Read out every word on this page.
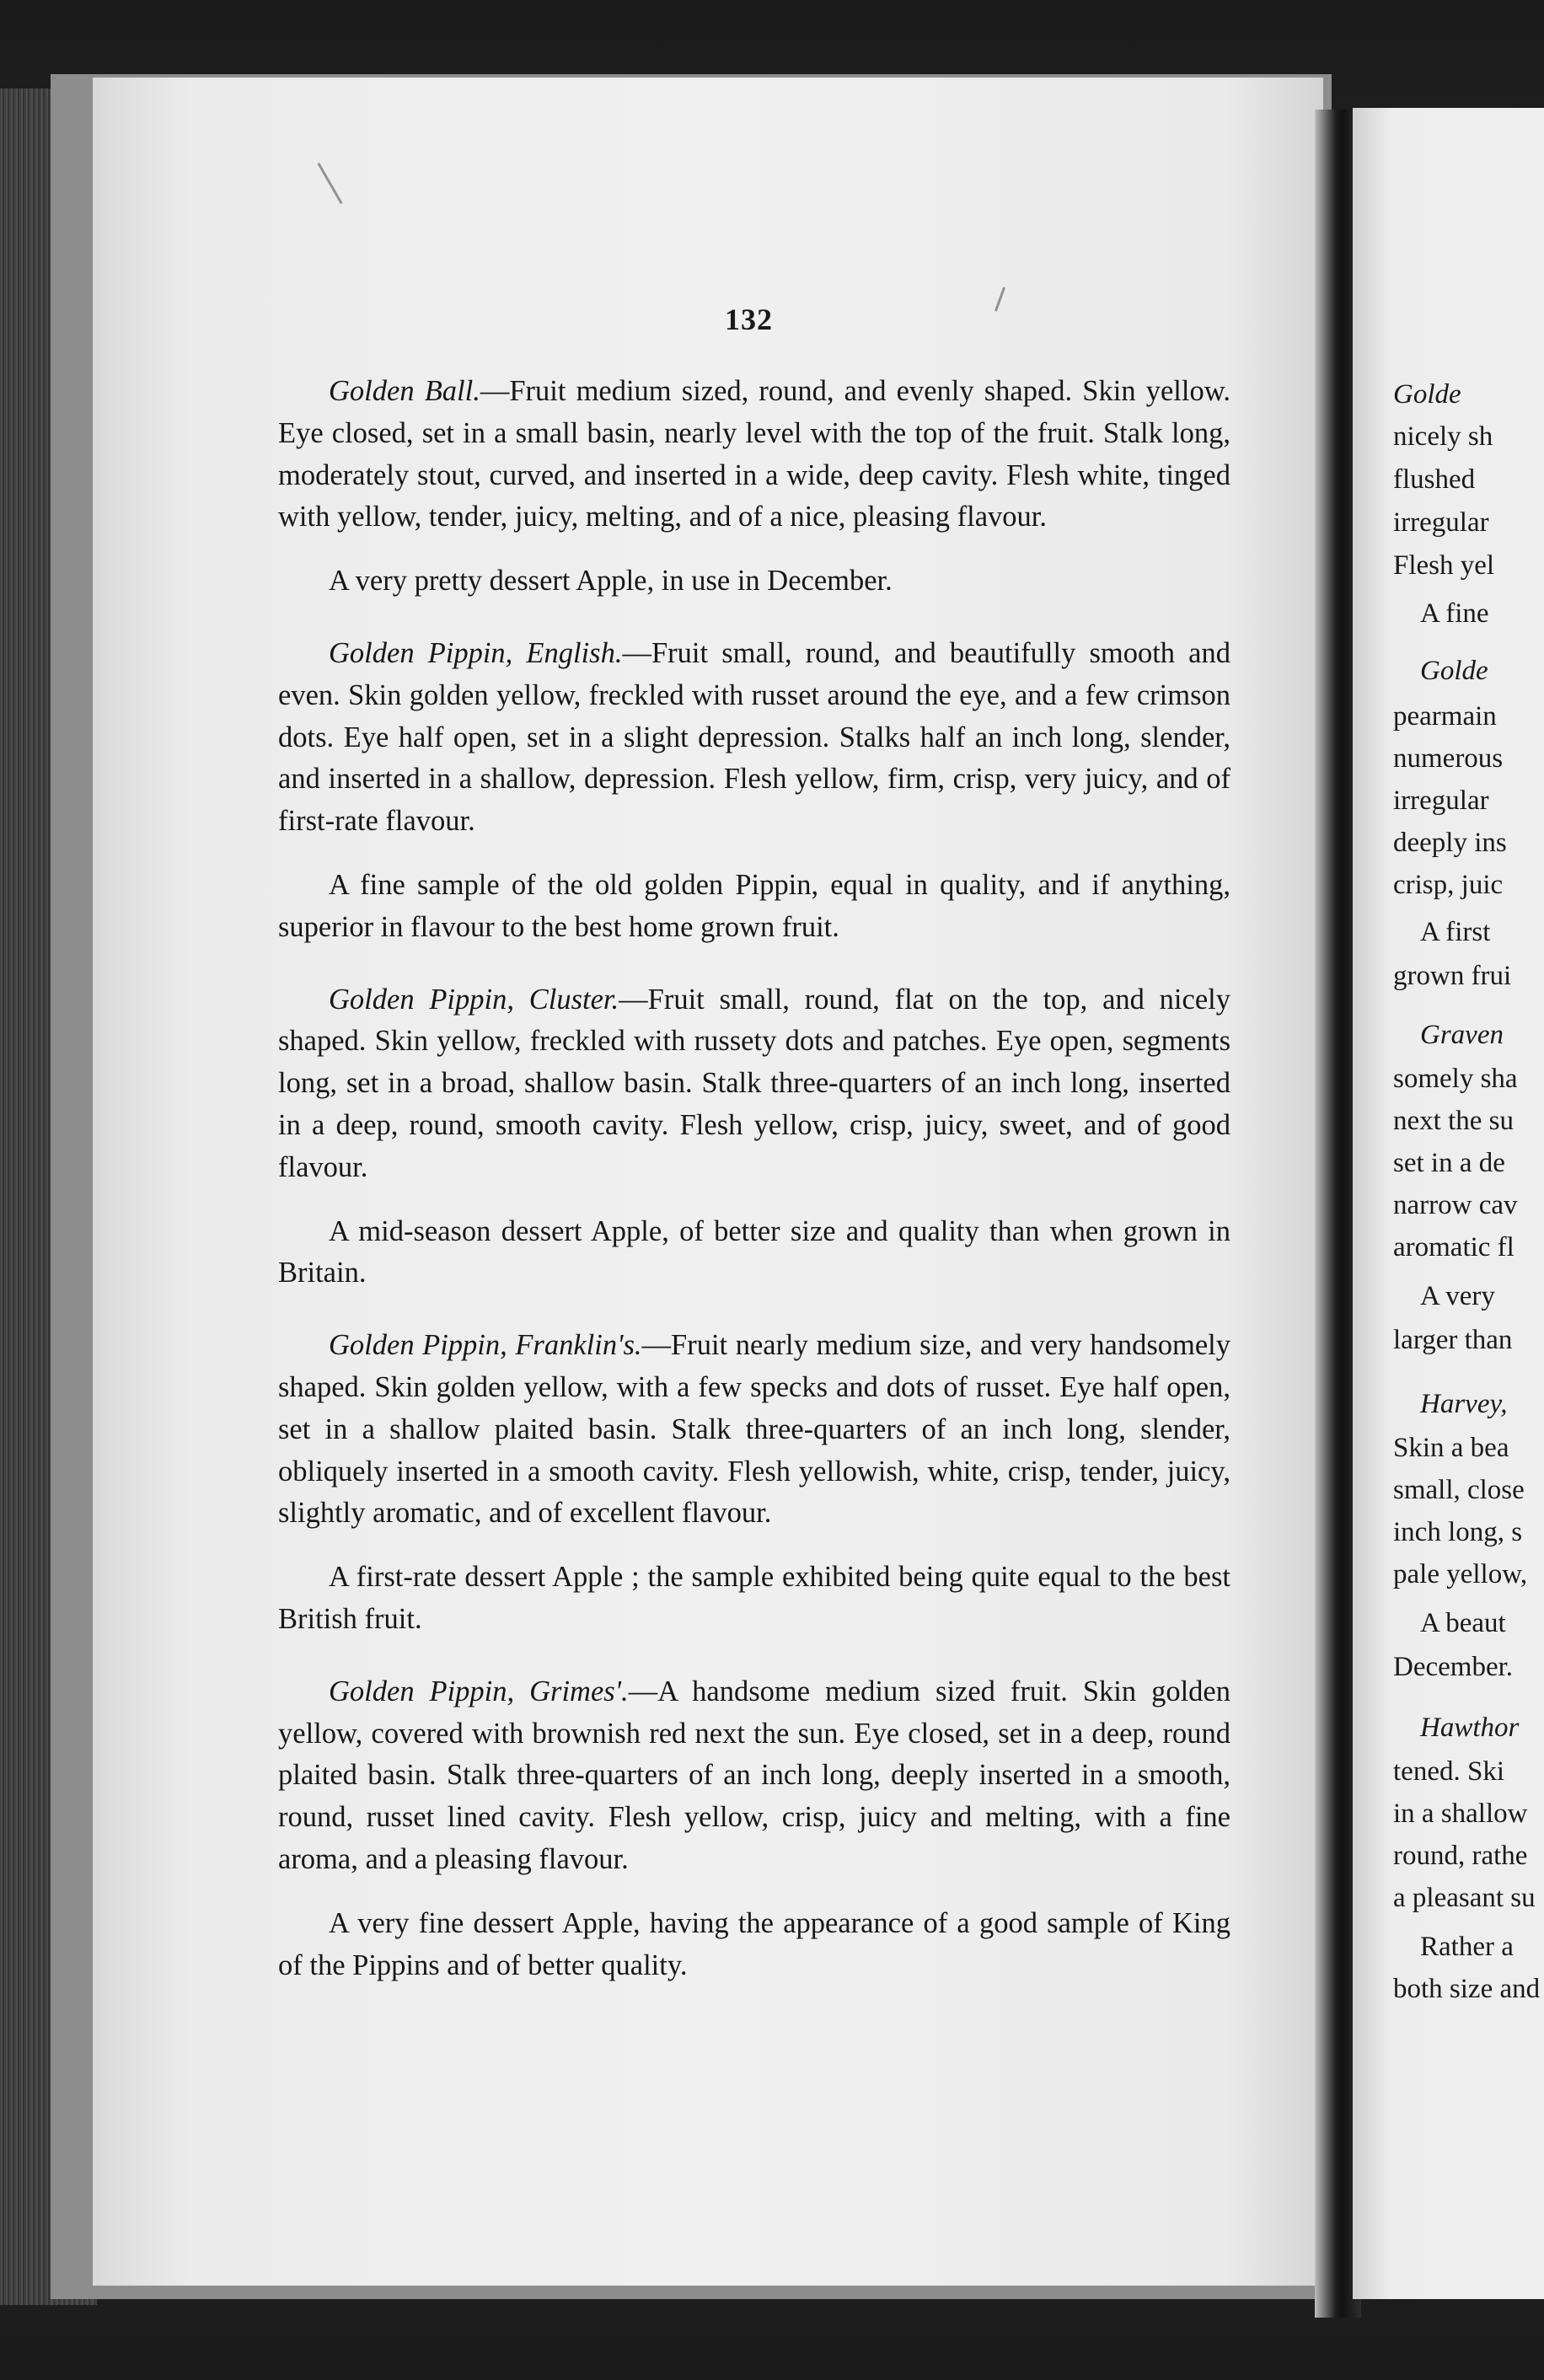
132

Golden Ball.—Fruit medium sized, round, and evenly shaped. Skin yellow. Eye closed, set in a small basin, nearly level with the top of the fruit. Stalk long, moderately stout, curved, and inserted in a wide, deep cavity. Flesh white, tinged with yellow, tender, juicy, melting, and of a nice, pleasing flavour.

A very pretty dessert Apple, in use in December.

Golden Pippin, English.—Fruit small, round, and beautifully smooth and even. Skin golden yellow, freckled with russet around the eye, and a few crimson dots. Eye half open, set in a slight depression. Stalks half an inch long, slender, and inserted in a shallow, depression. Flesh yellow, firm, crisp, very juicy, and of first-rate flavour.

A fine sample of the old golden Pippin, equal in quality, and if anything, superior in flavour to the best home grown fruit.

Golden Pippin, Cluster.—Fruit small, round, flat on the top, and nicely shaped. Skin yellow, freckled with russety dots and patches. Eye open, segments long, set in a broad, shallow basin. Stalk three-quarters of an inch long, inserted in a deep, round, smooth cavity. Flesh yellow, crisp, juicy, sweet, and of good flavour.

A mid-season dessert Apple, of better size and quality than when grown in Britain.

Golden Pippin, Franklin's.—Fruit nearly medium size, and very handsomely shaped. Skin golden yellow, with a few specks and dots of russet. Eye half open, set in a shallow plaited basin. Stalk three-quarters of an inch long, slender, obliquely inserted in a smooth cavity. Flesh yellowish, white, crisp, tender, juicy, slightly aromatic, and of excellent flavour.

A first-rate dessert Apple ; the sample exhibited being quite equal to the best British fruit.

Golden Pippin, Grimes'.—A handsome medium sized fruit. Skin golden yellow, covered with brownish red next the sun. Eye closed, set in a deep, round plaited basin. Stalk three-quarters of an inch long, deeply inserted in a smooth, round, russet lined cavity. Flesh yellow, crisp, juicy and melting, with a fine aroma, and a pleasing flavour.

A very fine dessert Apple, having the appearance of a good sample of King of the Pippins and of better quality.

Golde
nicely sh
flushed
irregular
Flesh yel
A fine
Golde
pearmain
numerous
irregular
deeply ins
crisp, juic
A first
grown frui
Graven
somely sha
next the su
set in a de
narrow cav
aromatic fl
A very
larger than
Harvey,
Skin a bea
small, close
inch long, s
pale yellow,
A beaut
December.
Hawthor
tened. Ski
in a shallow
round, rathe
a pleasant su
Rather a
both size and
